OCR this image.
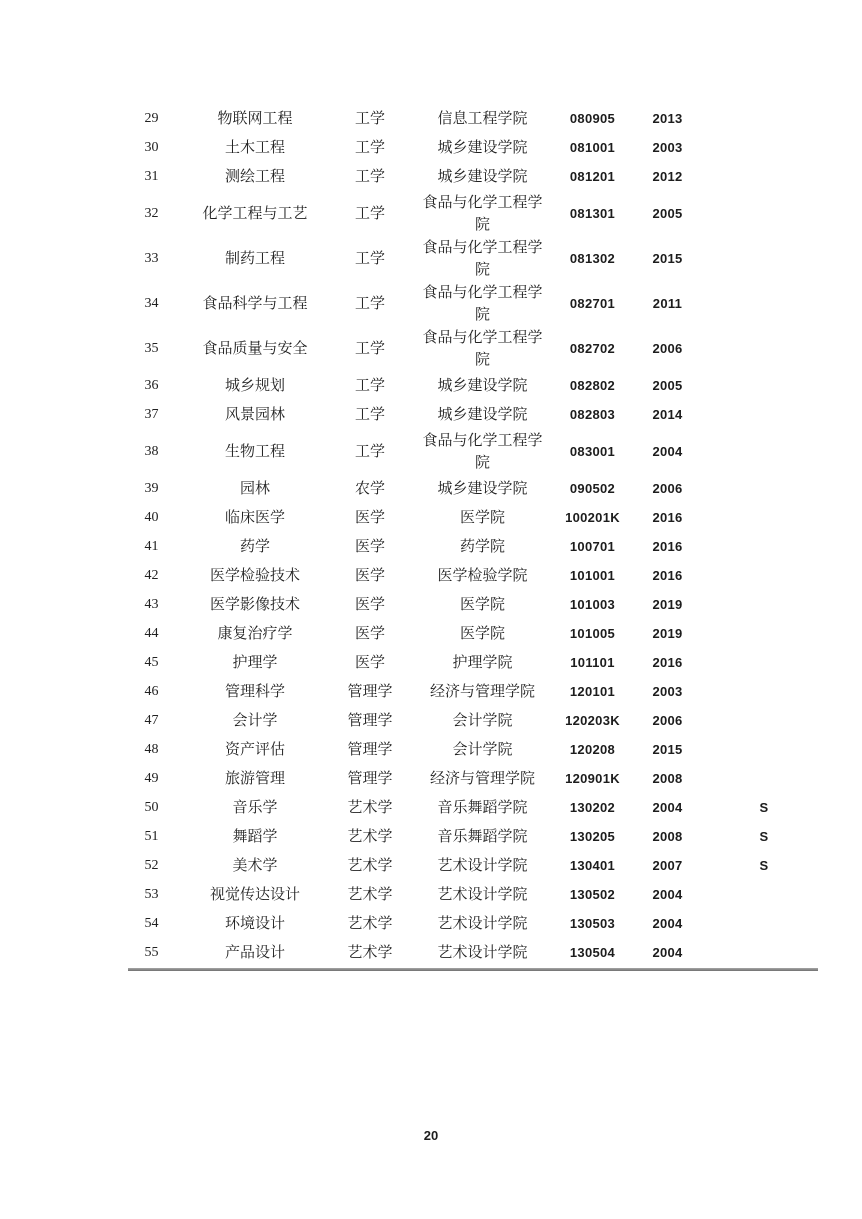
29	物联网工程	工学	信息工程学院	080905	2013	
30	土木工程	工学	城乡建设学院	081001	2003	
31	测绘工程	工学	城乡建设学院	081201	2012	
32	化学工程与工艺	工学	食品与化学工程学院	081301	2005	
33	制药工程	工学	食品与化学工程学院	081302	2015	
34	食品科学与工程	工学	食品与化学工程学院	082701	2011	
35	食品质量与安全	工学	食品与化学工程学院	082702	2006	
36	城乡规划	工学	城乡建设学院	082802	2005	
37	风景园林	工学	城乡建设学院	082803	2014	
38	生物工程	工学	食品与化学工程学院	083001	2004	
39	园林	农学	城乡建设学院	090502	2006	
40	临床医学	医学	医学院	100201K	2016	
41	药学	医学	药学院	100701	2016	
42	医学检验技术	医学	医学检验学院	101001	2016	
43	医学影像技术	医学	医学院	101003	2019	
44	康复治疗学	医学	医学院	101005	2019	
45	护理学	医学	护理学院	101101	2016	
46	管理科学	管理学	经济与管理学院	120101	2003	
47	会计学	管理学	会计学院	120203K	2006	
48	资产评估	管理学	会计学院	120208	2015	
49	旅游管理	管理学	经济与管理学院	120901K	2008	
50	音乐学	艺术学	音乐舞蹈学院	130202	2004	S
51	舞蹈学	艺术学	音乐舞蹈学院	130205	2008	S
52	美术学	艺术学	艺术设计学院	130401	2007	S
53	视觉传达设计	艺术学	艺术设计学院	130502	2004	
54	环境设计	艺术学	艺术设计学院	130503	2004	
55	产品设计	艺术学	艺术设计学院	130504	2004	
20
